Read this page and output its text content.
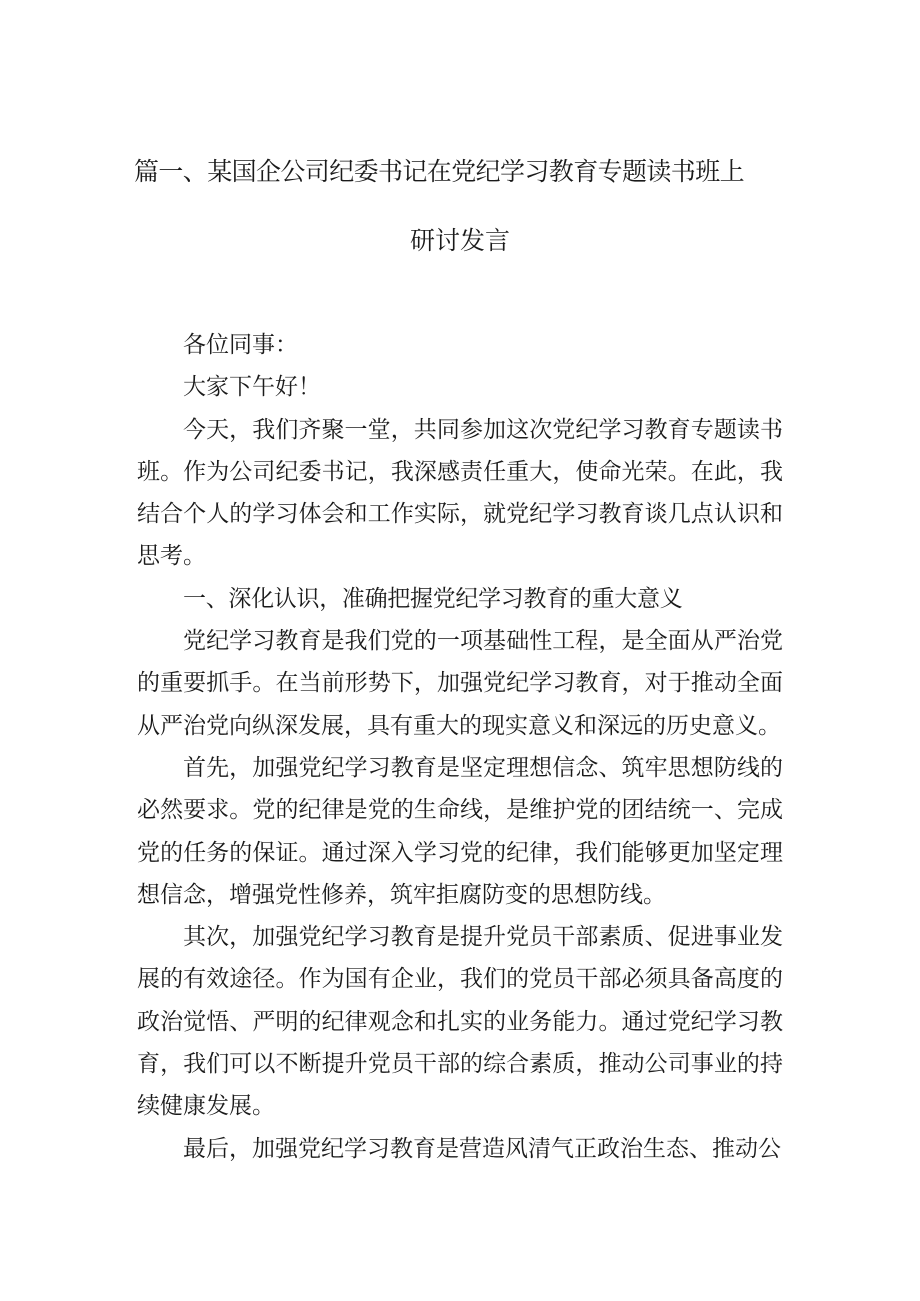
篇一、某国企公司纪委书记在党纪学习教育专题读书班上
研讨发言

各位同事：

大家下午好！

今天，我们齐聚一堂，共同参加这次党纪学习教育专题读书班。作为公司纪委书记，我深感责任重大，使命光荣。在此，我结合个人的学习体会和工作实际，就党纪学习教育谈几点认识和思考。

一、深化认识，准确把握党纪学习教育的重大意义

党纪学习教育是我们党的一项基础性工程，是全面从严治党的重要抓手。在当前形势下，加强党纪学习教育，对于推动全面从严治党向纵深发展，具有重大的现实意义和深远的历史意义。

首先，加强党纪学习教育是坚定理想信念、筑牢思想防线的必然要求。党的纪律是党的生命线，是维护党的团结统一、完成党的任务的保证。通过深入学习党的纪律，我们能够更加坚定理想信念，增强党性修养，筑牢拒腐防变的思想防线。

其次，加强党纪学习教育是提升党员干部素质、促进事业发展的有效途径。作为国有企业，我们的党员干部必须具备高度的政治觉悟、严明的纪律观念和扎实的业务能力。通过党纪学习教育，我们可以不断提升党员干部的综合素质，推动公司事业的持续健康发展。

最后，加强党纪学习教育是营造风清气正政治生态、推动公
